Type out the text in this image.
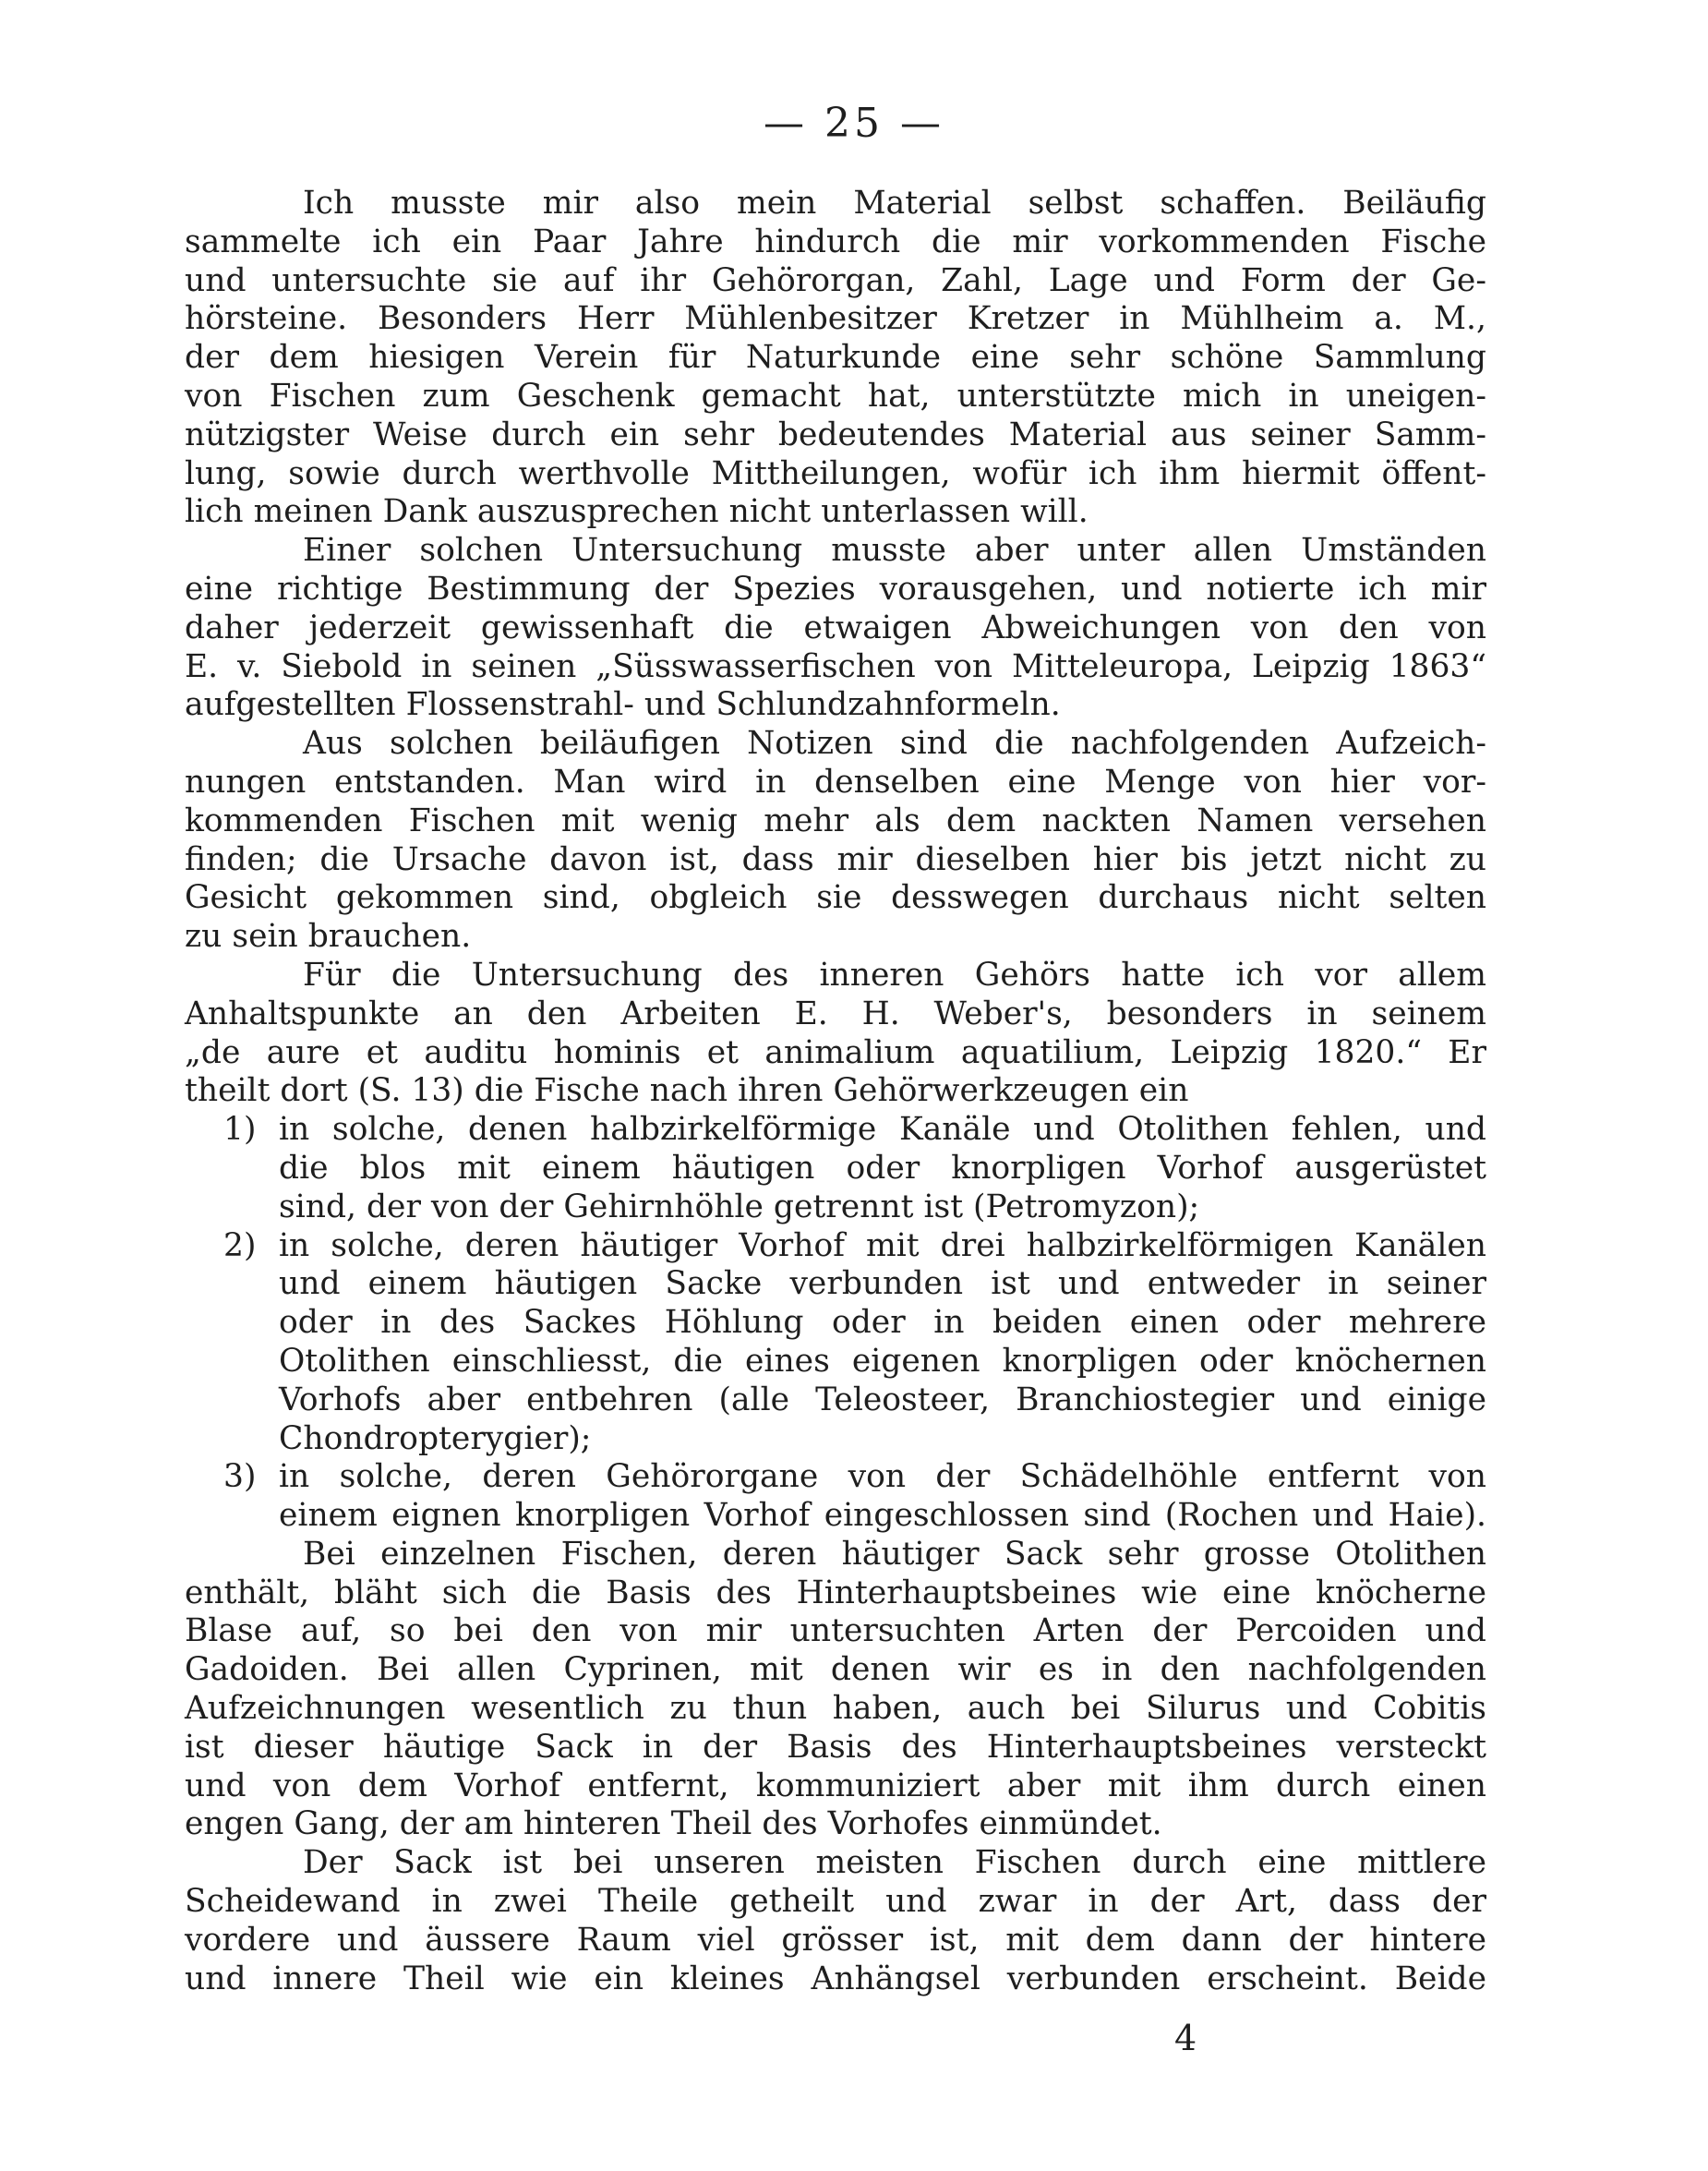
— 25 —
Ich musste mir also mein Material selbst schaffen. Beiläufig
sammelte ich ein Paar Jahre hindurch die mir vorkommenden Fische
und untersuchte sie auf ihr Gehörorgan, Zahl, Lage und Form der Ge-
hörsteine. Besonders Herr Mühlenbesitzer Kretzer in Mühlheim a. M.,
der dem hiesigen Verein für Naturkunde eine sehr schöne Sammlung
von Fischen zum Geschenk gemacht hat, unterstützte mich in uneigen-
nützigster Weise durch ein sehr bedeutendes Material aus seiner Samm-
lung, sowie durch werthvolle Mittheilungen, wofür ich ihm hiermit öffent-
lich meinen Dank auszusprechen nicht unterlassen will.
Einer solchen Untersuchung musste aber unter allen Umständen
eine richtige Bestimmung der Spezies vorausgehen, und notierte ich mir
daher jederzeit gewissenhaft die etwaigen Abweichungen von den von
E. v. Siebold in seinen „Süsswasserfischen von Mitteleuropa, Leipzig 1863“
aufgestellten Flossenstrahl- und Schlundzahnformeln.
Aus solchen beiläufigen Notizen sind die nachfolgenden Aufzeich-
nungen entstanden. Man wird in denselben eine Menge von hier vor-
kommenden Fischen mit wenig mehr als dem nackten Namen versehen
finden; die Ursache davon ist, dass mir dieselben hier bis jetzt nicht zu
Gesicht gekommen sind, obgleich sie desswegen durchaus nicht selten
zu sein brauchen.
Für die Untersuchung des inneren Gehörs hatte ich vor allem
Anhaltspunkte an den Arbeiten E. H. Weber's, besonders in seinem
„de aure et auditu hominis et animalium aquatilium, Leipzig 1820.“ Er
theilt dort (S. 13) die Fische nach ihren Gehörwerkzeugen ein
1) in solche, denen halbzirkelförmige Kanäle und Otolithen fehlen, und
die blos mit einem häutigen oder knorpligen Vorhof ausgerüstet
sind, der von der Gehirnhöhle getrennt ist (Petromyzon);
2) in solche, deren häutiger Vorhof mit drei halbzirkelförmigen Kanälen
und einem häutigen Sacke verbunden ist und entweder in seiner
oder in des Sackes Höhlung oder in beiden einen oder mehrere
Otolithen einschliesst, die eines eigenen knorpligen oder knöchernen
Vorhofs aber entbehren (alle Teleosteer, Branchiostegier und einige
Chondropterygier);
3) in solche, deren Gehörorgane von der Schädelhöhle entfernt von
einem eignen knorpligen Vorhof eingeschlossen sind (Rochen und Haie).
Bei einzelnen Fischen, deren häutiger Sack sehr grosse Otolithen
enthält, bläht sich die Basis des Hinterhauptsbeines wie eine knöcherne
Blase auf, so bei den von mir untersuchten Arten der Percoiden und
Gadoiden. Bei allen Cyprinen, mit denen wir es in den nachfolgenden
Aufzeichnungen wesentlich zu thun haben, auch bei Silurus und Cobitis
ist dieser häutige Sack in der Basis des Hinterhauptsbeines versteckt
und von dem Vorhof entfernt, kommuniziert aber mit ihm durch einen
engen Gang, der am hinteren Theil des Vorhofes einmündet.
Der Sack ist bei unseren meisten Fischen durch eine mittlere
Scheidewand in zwei Theile getheilt und zwar in der Art, dass der
vordere und äussere Raum viel grösser ist, mit dem dann der hintere
und innere Theil wie ein kleines Anhängsel verbunden erscheint. Beide
4
